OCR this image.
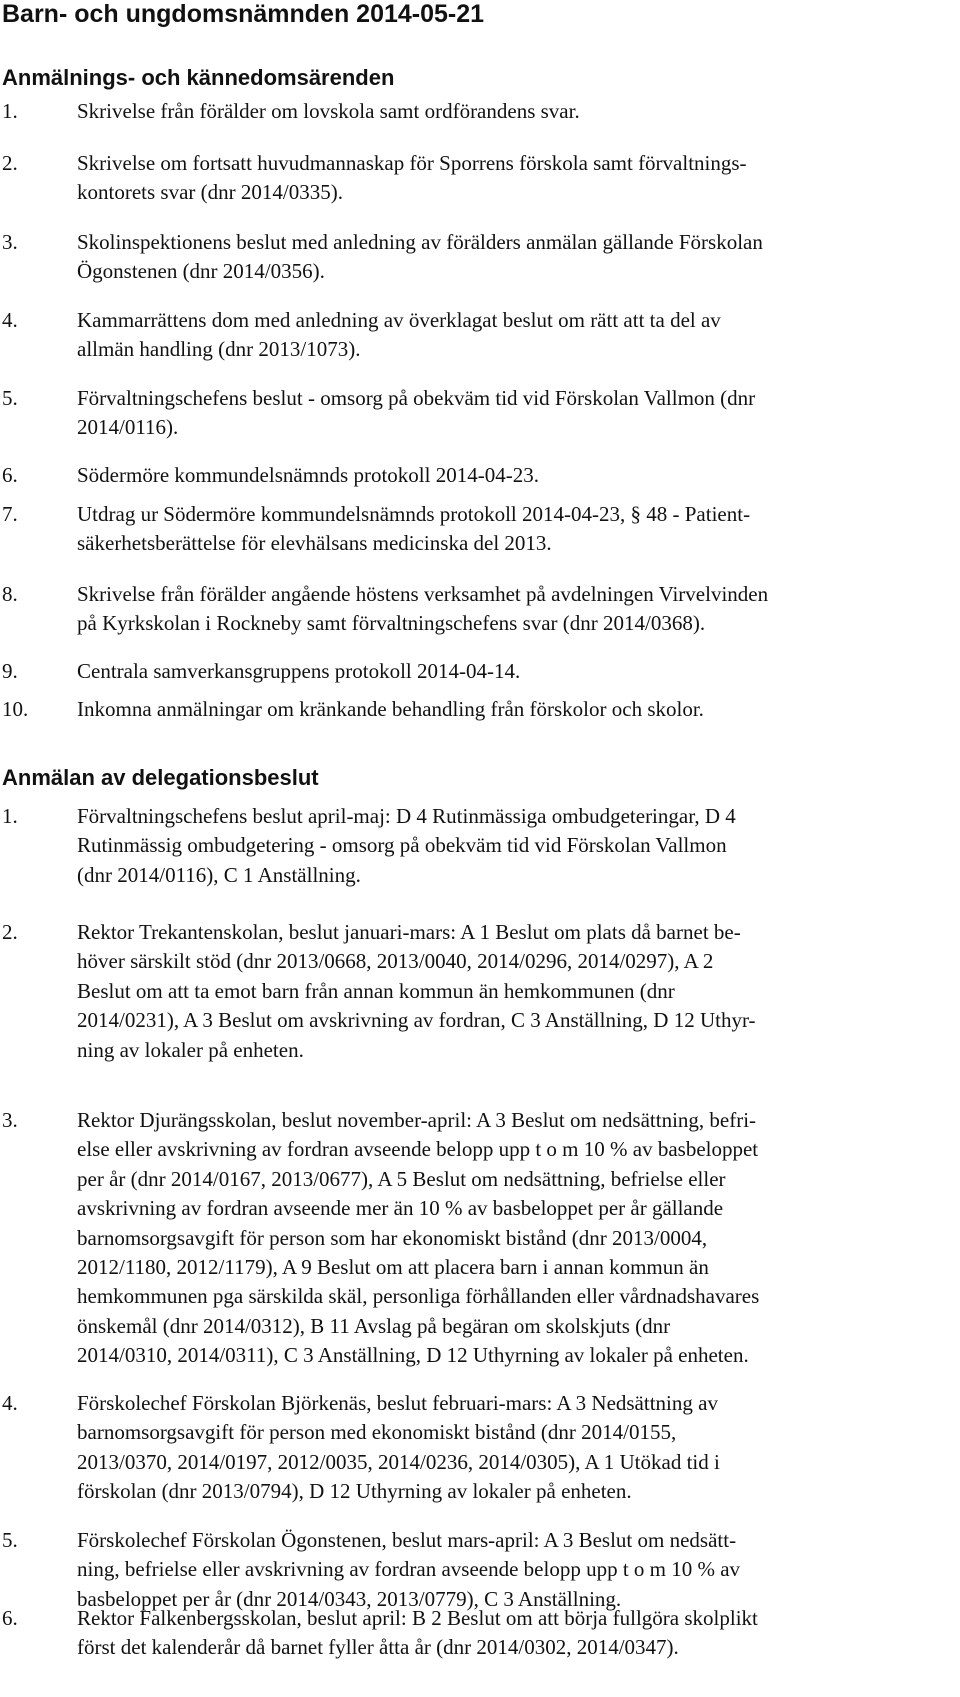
Barn- och ungdomsnämnden 2014-05-21
Anmälnings- och kännedomsärenden
1.	Skrivelse från förälder om lovskola samt ordförandens svar.
2.	Skrivelse om fortsatt huvudmannaskap för Sporrens förskola samt förvaltnings-
kontorets svar (dnr 2014/0335).
3.	Skolinspektionens beslut med anledning av förälders anmälan gällande Förskolan
Ögonstenen (dnr 2014/0356).
4.	Kammarrättens dom med anledning av överklagat beslut om rätt att ta del av
allmän handling (dnr 2013/1073).
5.	Förvaltningschefens beslut - omsorg på obekväm tid vid Förskolan Vallmon (dnr
2014/0116).
6.	Södermöre kommundelsnämnds protokoll 2014-04-23.
7.	Utdrag ur Södermöre kommundelsnämnds protokoll 2014-04-23, § 48 - Patient-
säkerhetsberättelse för elevhälsans medicinska del 2013.
8.	Skrivelse från förälder angående höstens verksamhet på avdelningen Virvelvinden
på Kyrkskolan i Rockneby samt förvaltningschefens svar (dnr 2014/0368).
9.	Centrala samverkansgruppens protokoll 2014-04-14.
10. Inkomna anmälningar om kränkande behandling från förskolor och skolor.
Anmälan av delegationsbeslut
1.	Förvaltningschefens beslut april-maj: D 4 Rutinmässiga ombudgeteringar, D 4
Rutinmässig ombudgetering - omsorg på obekväm tid vid Förskolan Vallmon
(dnr 2014/0116), C 1 Anställning.
2.	Rektor Trekantenskolan, beslut januari-mars: A 1 Beslut om plats då barnet be-
höver särskilt stöd (dnr 2013/0668, 2013/0040, 2014/0296, 2014/0297), A 2
Beslut om att ta emot barn från annan kommun än hemkommunen (dnr
2014/0231), A 3 Beslut om avskrivning av fordran, C 3 Anställning, D 12 Uthyr-
ning av lokaler på enheten.
3.	Rektor Djurängsskolan, beslut november-april: A 3 Beslut om nedsättning, befri-
else eller avskrivning av fordran avseende belopp upp t o m 10 % av basbeloppet
per år (dnr 2014/0167, 2013/0677), A 5 Beslut om nedsättning, befrielse eller
avskrivning av fordran avseende mer än 10 % av basbeloppet per år gällande
barnomsorgsavgift för person som har ekonomiskt bistånd (dnr 2013/0004,
2012/1180, 2012/1179), A 9 Beslut om att placera barn i annan kommun än
hemkommunen pga särskilda skäl, personliga förhållanden eller vårdnadshavares
önskemål (dnr 2014/0312), B 11 Avslag på begäran om skolskjuts (dnr
2014/0310, 2014/0311), C 3 Anställning, D 12 Uthyrning av lokaler på enheten.
4.	Förskolechef Förskolan Björkenäs, beslut februari-mars: A 3 Nedsättning av
barnomsorgsavgift för person med ekonomiskt bistånd (dnr 2014/0155,
2013/0370, 2014/0197, 2012/0035, 2014/0236, 2014/0305), A 1 Utökad tid i
förskolan (dnr 2013/0794), D 12 Uthyrning av lokaler på enheten.
5.	Förskolechef Förskolan Ögonstenen, beslut mars-april: A 3 Beslut om nedsätt-
ning, befrielse eller avskrivning av fordran avseende belopp upp t o m 10 % av
basbeloppet per år (dnr 2014/0343, 2013/0779), C 3 Anställning.
6.	Rektor Falkenbergsskolan, beslut april: B 2 Beslut om att börja fullgöra skolplikt
först det kalenderår då barnet fyller åtta år (dnr 2014/0302, 2014/0347).
